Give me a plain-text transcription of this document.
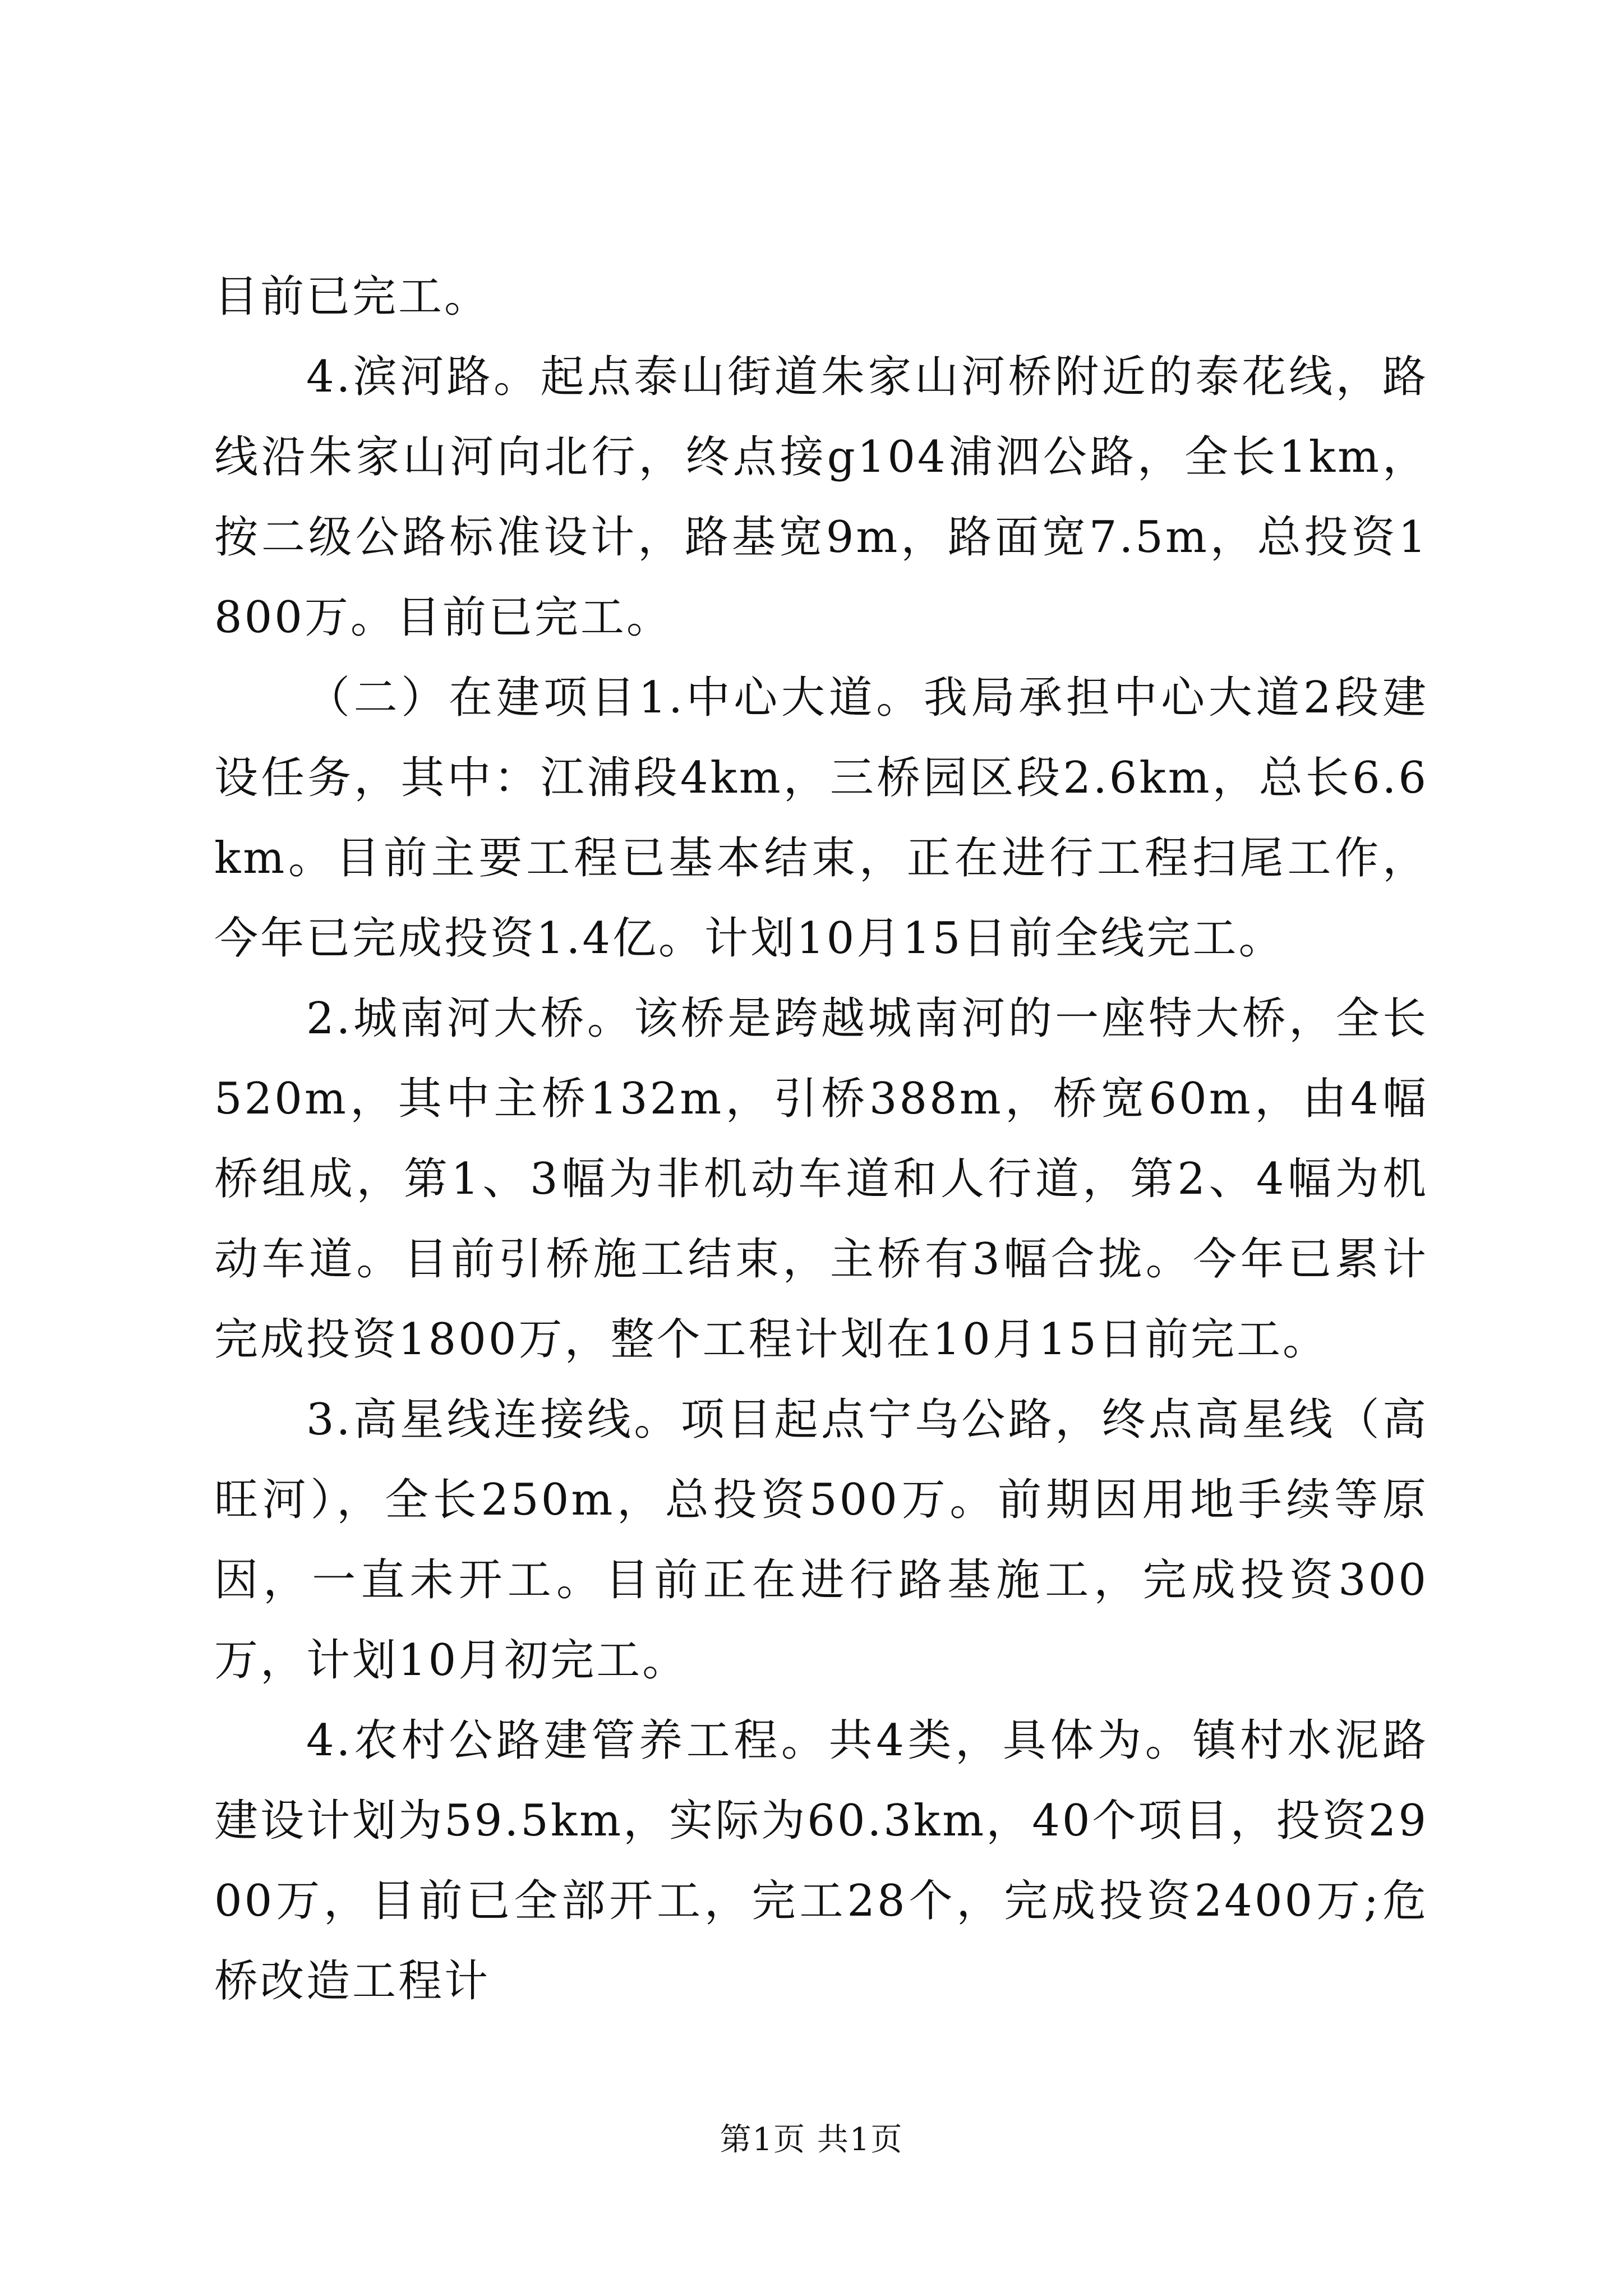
目前已完工。

4.滨河路。起点泰山街道朱家山河桥附近的泰花线，路线沿朱家山河向北行，终点接g104浦泗公路，全长1km，按二级公路标准设计，路基宽9m，路面宽7.5m，总投资1800万。目前已完工。

（二）在建项目1.中心大道。我局承担中心大道2段建设任务，其中：江浦段4km，三桥园区段2.6km，总长6.6km。目前主要工程已基本结束，正在进行工程扫尾工作，今年已完成投资1.4亿。计划10月15日前全线完工。

2.城南河大桥。该桥是跨越城南河的一座特大桥，全长520m，其中主桥132m，引桥388m，桥宽60m，由4幅桥组成，第1、3幅为非机动车道和人行道，第2、4幅为机动车道。目前引桥施工结束，主桥有3幅合拢。今年已累计完成投资1800万，整个工程计划在10月15日前完工。

3.高星线连接线。项目起点宁乌公路，终点高星线（高旺河），全长250m，总投资500万。前期因用地手续等原因，一直未开工。目前正在进行路基施工，完成投资300万，计划10月初完工。

4.农村公路建管养工程。共4类，具体为。镇村水泥路建设计划为59.5km，实际为60.3km，40个项目，投资2900万，目前已全部开工，完工28个，完成投资2400万;危桥改造工程计

第1页 共1页
